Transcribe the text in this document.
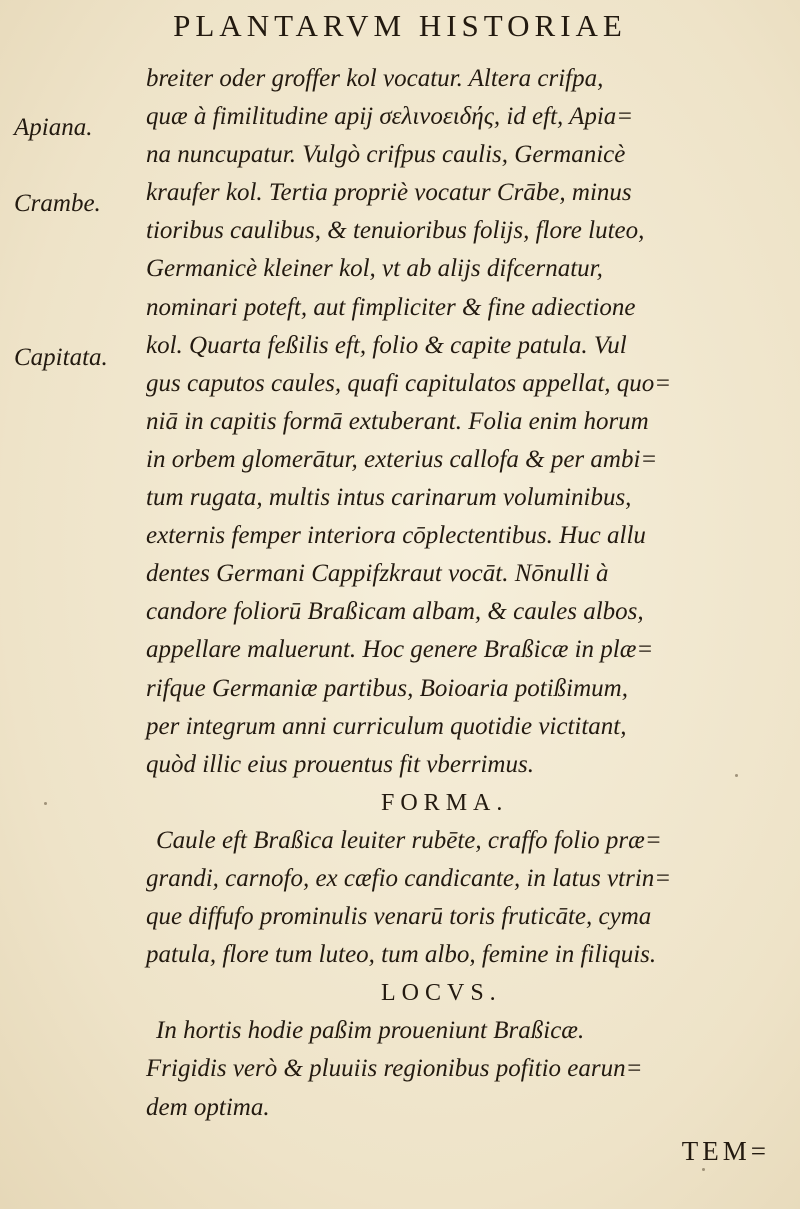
PLANTARVM HISTORIAE
Apiana.
Crambe.
Capitata.
breiter oder groffer kol vocatur. Altera crifpa,
quæ à fimilitudine apij σελινοειδής, id eft, Apia=
na nuncupatur. Vulgò crifpus caulis, Germanicè
kraufer kol. Tertia propriè vocatur Crābe, minus
tioribus caulibus, & tenuioribus folijs, flore luteo,
Germanicè kleiner kol, vt ab alijs difcernatur,
nominari poteft, aut fimpliciter & fine adiectione
kol. Quarta feßilis eft, folio & capite patula. Vul
gus caputos caules, quafi capitulatos appellat, quo=
niā in capitis formā extuberant. Folia enim horum
in orbem glomerātur, exterius callofa & per ambi=
tum rugata, multis intus carinarum voluminibus,
externis femper interiora cōplectentibus. Huc allu
dentes Germani Cappifzkraut vocāt. Nōnulli à
candore foliorū Braßicam albam, & caules albos,
appellare maluerunt. Hoc genere Braßicæ in plæ=
rifque Germaniæ partibus, Boioaria potißimum,
per integrum anni curriculum quotidie victitant,
quòd illic eius prouentus fit vberrimus.
FORMA.
Caule eft Braßica leuiter rubēte, craffo folio præ=
grandi, carnofo, ex cæfio candicante, in latus vtrin=
que diffufo prominulis venarū toris fruticāte, cyma
patula, flore tum luteo, tum albo, femine in filiquis.
LOCVS.
In hortis hodie paßim proueniunt Braßicæ.
Frigidis verò & pluuiis regionibus pofitio earun=
dem optima.
TEM=
